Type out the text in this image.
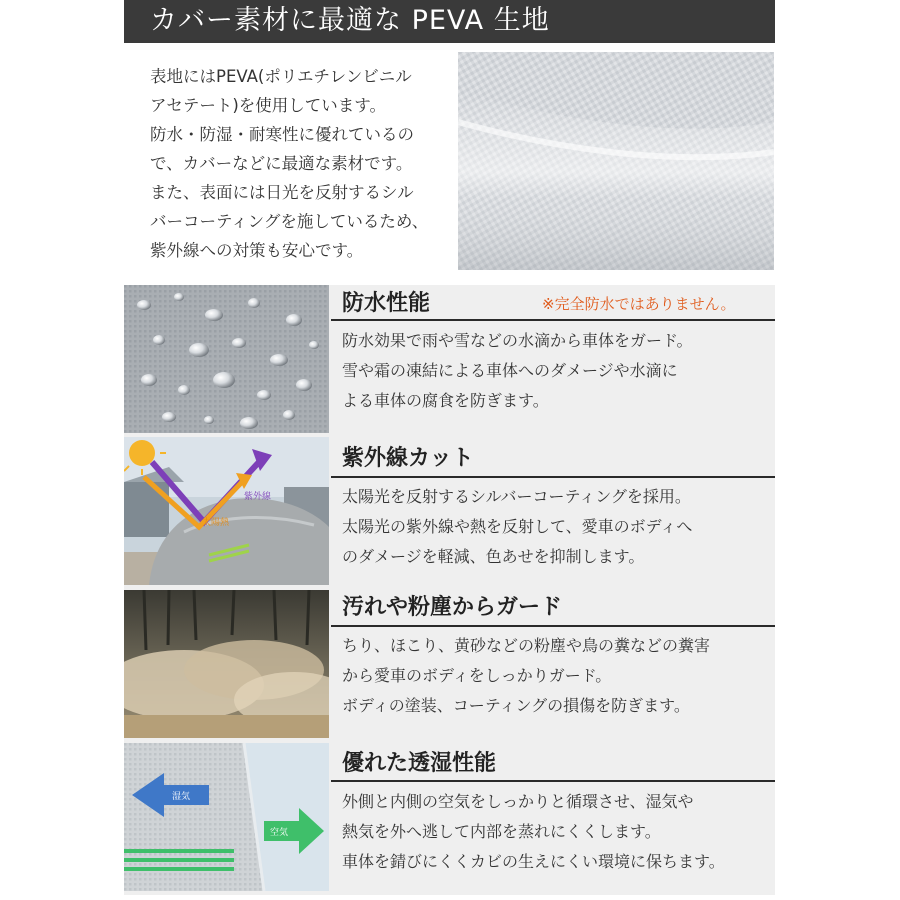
カバー素材に最適な PEVA 生地

表地にはPEVA(ポリエチレンビニル

アセテート)を使用しています。

防水・防湿・耐寒性に優れているの

で、カバーなどに最適な素材です。

また、表面には日光を反射するシル

バーコーティングを施しているため、

紫外線への対策も安心です。

防水性能	※完全防水ではありません。

防水効果で雨や雪などの水滴から車体をガード。

雪や霜の凍結による車体へのダメージや水滴に

よる車体の腐食を防ぎます。

紫外線
太陽熱
紫外線カット

太陽光を反射するシルバーコーティングを採用。

太陽光の紫外線や熱を反射して、愛車のボディへ

のダメージを軽減、色あせを抑制します。

汚れや粉塵からガード

ちり、ほこり、黄砂などの粉塵や鳥の糞などの糞害

から愛車のボディをしっかりガード。

ボディの塗装、コーティングの損傷を防ぎます。

湿気
空気
優れた透湿性能

外側と内側の空気をしっかりと循環させ、湿気や

熱気を外へ逃して内部を蒸れにくくします。

車体を錆びにくくカビの生えにくい環境に保ちます。
